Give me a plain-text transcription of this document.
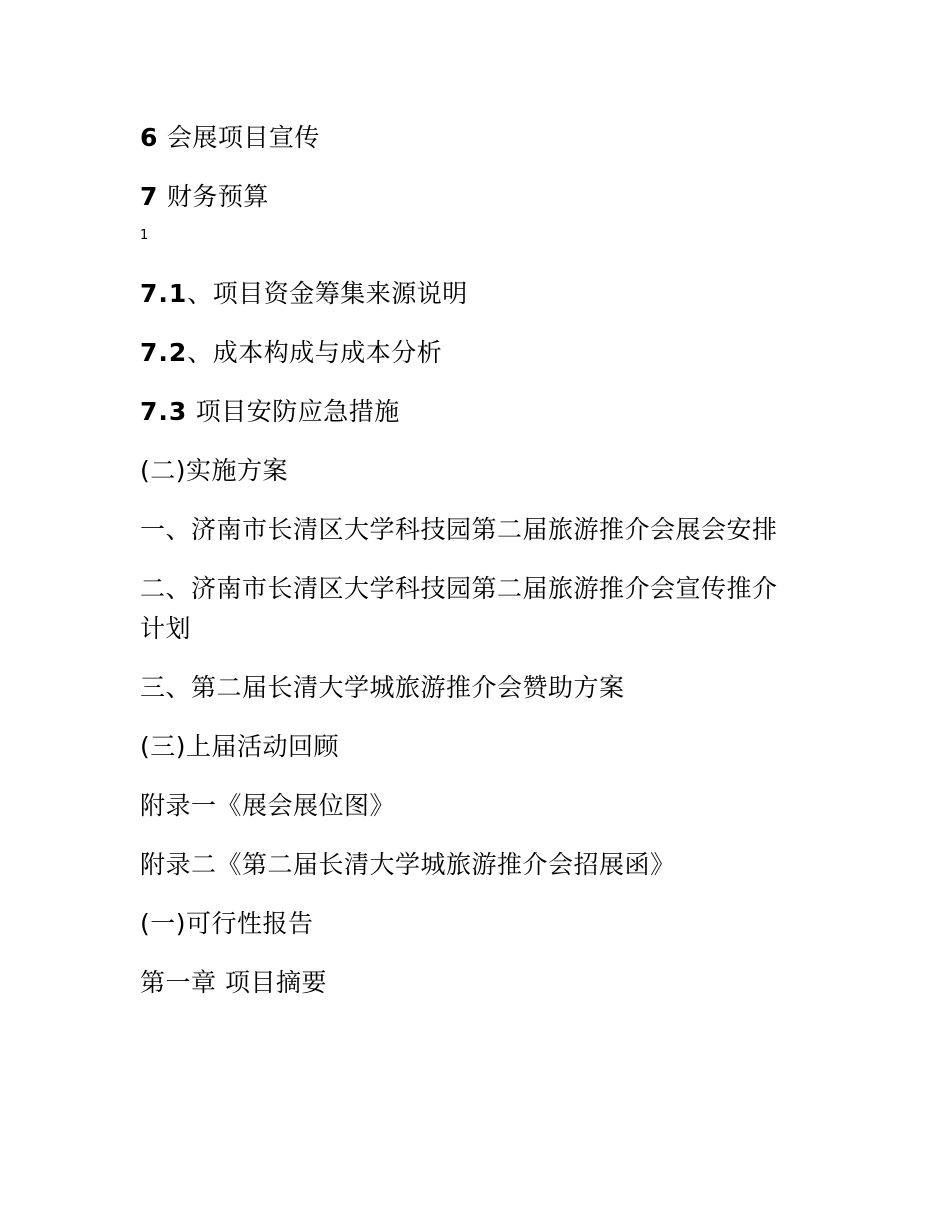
6 会展项目宣传
7 财务预算
1
7.1、项目资金筹集来源说明
7.2、成本构成与成本分析
7.3 项目安防应急措施
(二)实施方案
一、济南市长清区大学科技园第二届旅游推介会展会安排
二、济南市长清区大学科技园第二届旅游推介会宣传推介计划
三、第二届长清大学城旅游推介会赞助方案
(三)上届活动回顾
附录一《展会展位图》
附录二《第二届长清大学城旅游推介会招展函》
(一)可行性报告
第一章 项目摘要
